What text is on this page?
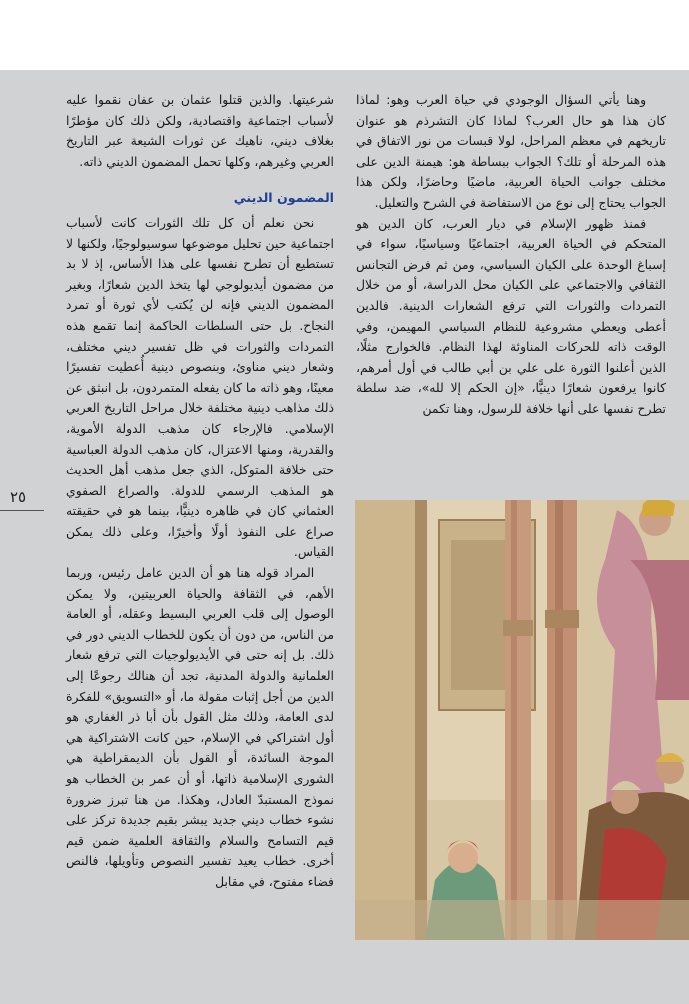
وهنا يأتي السؤال الوجودي في حياة العرب وهو: لماذا كان هذا هو حال العرب؟ لماذا كان التشرذم هو عنوان تاريخهم في معظم المراحل، لولا قبسات من نور الاتفاق في هذه المرحلة أو تلك؟ الجواب ببساطة هو: هيمنة الدين على مختلف جوانب الحياة العربية، ماضيًا وحاضرًا، ولكن هذا الجواب يحتاج إلى نوع من الاستفاضة في الشرح والتعليل.

فمنذ ظهور الإسلام في ديار العرب، كان الدين هو المتحكم في الحياة العربية، اجتماعيًا وسياسيًا، سواء في إسباغ الوحدة على الكيان السياسي، ومن ثم فرض التجانس الثقافي والاجتماعي على الكيان محل الدراسة، أو من خلال التمردات والثورات التي ترفع الشعارات الدينية. فالدين أعطى ويعطي مشروعية للنظام السياسي المهيمن، وفي الوقت ذاته للحركات المناوئة لهذا النظام. فالخوارج مثلًا، الذين أعلنوا الثورة على علي بن أبي طالب في أول أمرهم، كانوا يرفعون شعارًا دينيًّا، «إن الحكم إلا لله»، ضد سلطة تطرح نفسها على أنها خلافة للرسول، وهنا تكمن

شرعيتها. والذين قتلوا عثمان بن عفان نقموا عليه لأسباب اجتماعية واقتصادية، ولكن ذلك كان مؤطرًا بغلاف ديني، ناهيك عن ثورات الشيعة عبر التاريخ العربي وغيرهم، وكلها تحمل المضمون الديني ذاته.

المضمون الديني

نحن نعلم أن كل تلك الثورات كانت لأسباب اجتماعية حين تحليل موضوعها سوسيولوجيًا، ولكنها لا تستطيع أن تطرح نفسها على هذا الأساس، إذ لا بد من مضمون أيديولوجي لها يتخذ الدين شعارًا، وبغير المضمون الديني فإنه لن يُكتب لأي ثورة أو تمرد النجاح. بل حتى السلطات الحاكمة إنما تقمع هذه التمردات والثورات في ظل تفسير ديني مختلف، وشعار ديني مناوئ، وبنصوص دينية أُعطيت تفسيرًا معينًا، وهو ذاته ما كان يفعله المتمردون، بل انبثق عن ذلك مذاهب دينية مختلفة خلال مراحل التاريخ العربي الإسلامي. فالإرجاء كان مذهب الدولة الأموية، والقدرية، ومنها الاعتزال، كان مذهب الدولة العباسية حتى خلافة المتوكل، الذي جعل مذهب أهل الحديث هو المذهب الرسمي للدولة. والصراع الصفوي العثماني كان في ظاهره دينيًّا، بينما هو في حقيقته صراع على النفوذ أولًا وأخيرًا، وعلى ذلك يمكن القياس.

المراد قوله هنا هو أن الدين عامل رئيس، وربما الأهم، في الثقافة والحياة العربيتين، ولا يمكن الوصول إلى قلب العربي البسيط وعقله، أو العامة من الناس، من دون أن يكون للخطاب الديني دور في ذلك. بل إنه حتى في الأيديولوجيات التي ترفع شعار العلمانية والدولة المدنية، تجد أن هنالك رجوعًا إلى الدين من أجل إثبات مقولة ما، أو «التسويق» للفكرة لدى العامة، وذلك مثل القول بأن أبا ذر الغفاري هو أول اشتراكي في الإسلام، حين كانت الاشتراكية هي الموجة السائدة، أو القول بأن الديمقراطية هي الشورى الإسلامية ذاتها، أو أن عمر بن الخطاب هو نموذج المستبدّ العادل، وهكذا. من هنا تبرز ضرورة نشوء خطاب ديني جديد يبشر بقيم جديدة تركز على قيم التسامح والسلام والثقافة العلمية ضمن قيم أخرى. خطاب يعيد تفسير النصوص وتأويلها، فالنص فضاء مفتوح، في مقابل

٢٥
